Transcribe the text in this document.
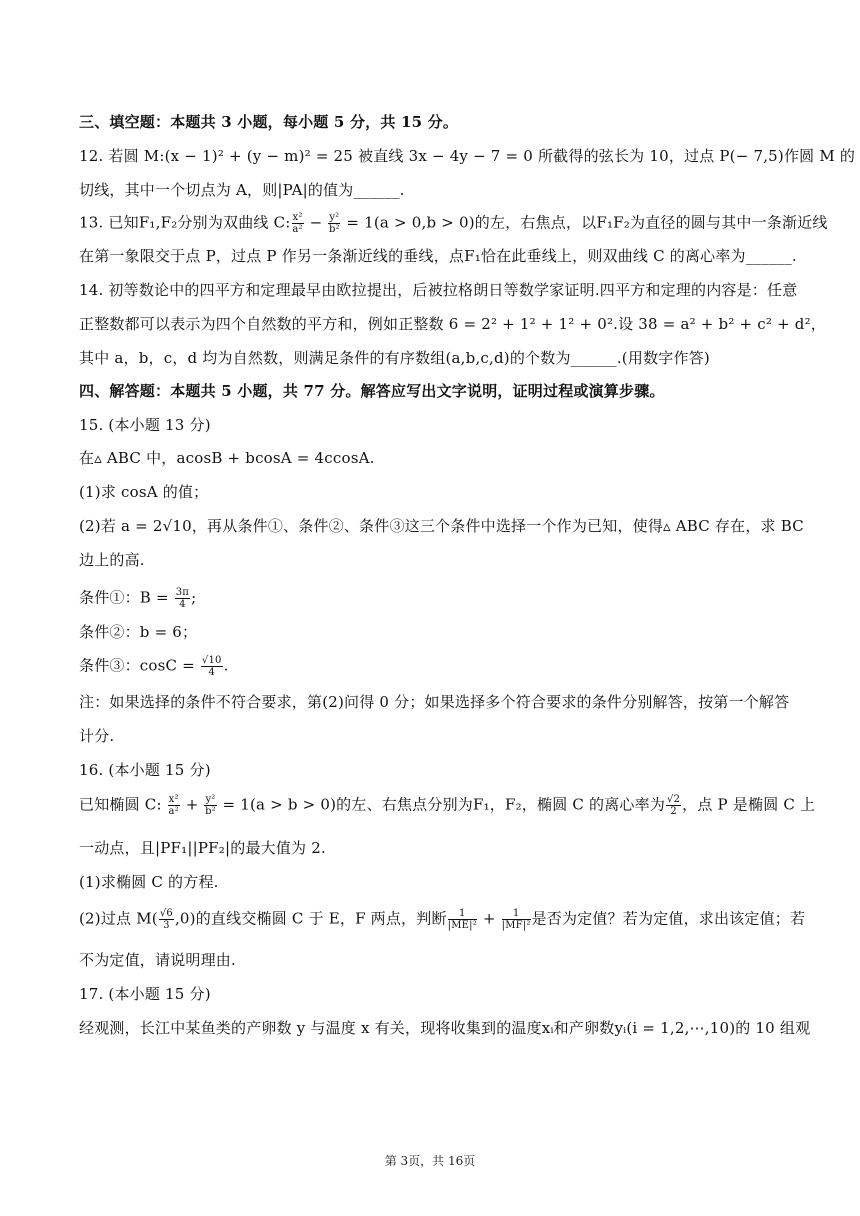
三、填空题：本题共 3 小题，每小题 5 分，共 15 分。
12. 若圆 M:(x − 1)² + (y − m)² = 25 被直线 3x − 4y − 7 = 0 所截得的弦长为 10，过点 P(− 7,5)作圆 M 的
切线，其中一个切点为 A，则|PA|的值为______.
13. 已知F₁,F₂分别为双曲线 C: $\frac{\text{x²}}{\text{a²}} - \frac{\text{y²}}{\text{b²}} = 1(a > 0,b > 0)$的左，右焦点，以F₁F₂为直径的圆与其中一条渐近线
在第一象限交于点 P，过点 P 作另一条渐近线的垂线，点F₁恰在此垂线上，则双曲线 C 的离心率为______.
14. 初等数论中的四平方和定理最早由欧拉提出，后被拉格朗日等数学家证明.四平方和定理的内容是：任意
正整数都可以表示为四个自然数的平方和，例如正整数 6 = 2² + 1² + 1² + 0².设 38 = a² + b² + c² + d²，
其中 a，b，c，d 均为自然数，则满足条件的有序数组(a,b,c,d)的个数为______.(用数字作答)
四、解答题：本题共 5 小题，共 77 分。解答应写出文字说明，证明过程或演算步骤。
15. (本小题 13 分)
在▵ ABC 中，acosB + bcosA = 4ccosA.
(1)求 cosA 的值；
(2)若 a = 2√10，再从条件①、条件②、条件③这三个条件中选择一个作为已知，使得▵ ABC 存在，求 BC
边上的高.
条件①：$B = \frac{3\pi}{4}$ ;
条件②：b = 6；
条件③：$\cos C = \frac{√10}{4}$ .
注：如果选择的条件不符合要求，第(2)问得 0 分；如果选择多个符合要求的条件分别解答，按第一个解答
计分.
16. (本小题 15 分)
已知椭圆 C: $\frac{\text{x²}}{\text{a²}} + \frac{\text{y²}}{\text{b²}} = 1(a > b > 0)$的左、右焦点分别为F₁，F₂，椭圆 C 的离心率为 $\frac{√2}{2}$ ，点 P 是椭圆 C 上
一动点，且|PF₁||PF₂|的最大值为 2.
(1)求椭圆 C 的方程.
(2)过点 $M( \frac{√6}{3} ,0)$的直线交椭圆 C 于 E，F 两点，判断 $\frac{1}{\text{|ME|²}} + \frac{1}{\text{|MF|²}}$ 是否为定值？若为定值，求出该定值；若
不为定值，请说明理由.
17. (本小题 15 分)
经观测，长江中某鱼类的产卵数 y 与温度 x 有关，现将收集到的温度xᵢ和产卵数yᵢ(i = 1,2,⋯,10)的 10 组观
第 3页，共 16页
